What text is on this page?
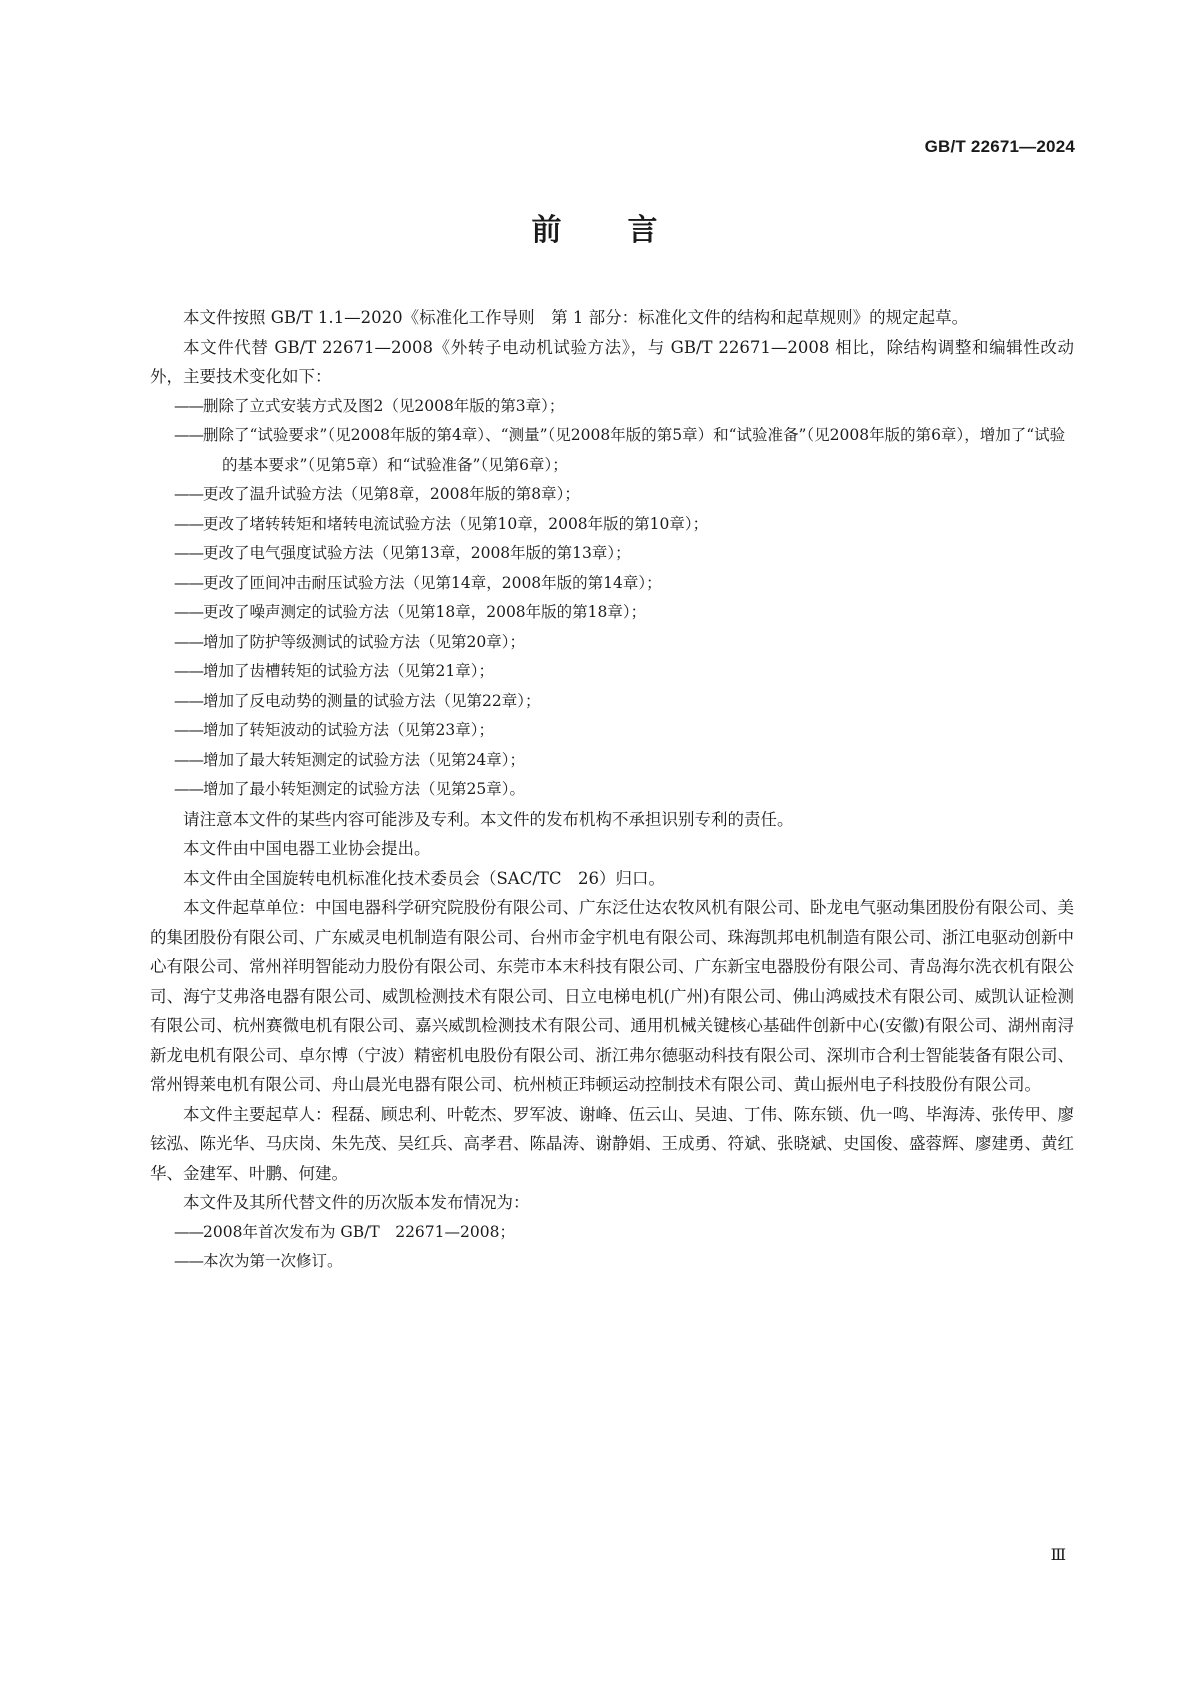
GB/T 22671—2024
前　　言

本文件按照 GB/T 1.1—2020《标准化工作导则　第 1 部分：标准化文件的结构和起草规则》的规定起草。

本文件代替 GB/T 22671—2008《外转子电动机试验方法》，与 GB/T 22671—2008 相比，除结构调整和编辑性改动外，主要技术变化如下：

——删除了立式安装方式及图2（见2008年版的第3章）；

——删除了“试验要求”（见2008年版的第4章）、“测量”（见2008年版的第5章）和“试验准备”（见2008年版的第6章），增加了“试验的基本要求”（见第5章）和“试验准备”（见第6章）；

——更改了温升试验方法（见第8章，2008年版的第8章）；

——更改了堵转转矩和堵转电流试验方法（见第10章，2008年版的第10章）；

——更改了电气强度试验方法（见第13章，2008年版的第13章）；

——更改了匝间冲击耐压试验方法（见第14章，2008年版的第14章）；

——更改了噪声测定的试验方法（见第18章，2008年版的第18章）；

——增加了防护等级测试的试验方法（见第20章）；

——增加了齿槽转矩的试验方法（见第21章）；

——增加了反电动势的测量的试验方法（见第22章）；

——增加了转矩波动的试验方法（见第23章）；

——增加了最大转矩测定的试验方法（见第24章）；

——增加了最小转矩测定的试验方法（见第25章）。

请注意本文件的某些内容可能涉及专利。本文件的发布机构不承担识别专利的责任。

本文件由中国电器工业协会提出。

本文件由全国旋转电机标准化技术委员会（SAC/TC　26）归口。

本文件起草单位：中国电器科学研究院股份有限公司、广东泛仕达农牧风机有限公司、卧龙电气驱动集团股份有限公司、美的集团股份有限公司、广东威灵电机制造有限公司、台州市金宇机电有限公司、珠海凯邦电机制造有限公司、浙江电驱动创新中心有限公司、常州祥明智能动力股份有限公司、东莞市本末科技有限公司、广东新宝电器股份有限公司、青岛海尔洗衣机有限公司、海宁艾弗洛电器有限公司、威凯检测技术有限公司、日立电梯电机(广州)有限公司、佛山鸿威技术有限公司、威凯认证检测有限公司、杭州赛微电机有限公司、嘉兴威凯检测技术有限公司、通用机械关键核心基础件创新中心(安徽)有限公司、湖州南浔新龙电机有限公司、卓尔博（宁波）精密机电股份有限公司、浙江弗尔德驱动科技有限公司、深圳市合利士智能装备有限公司、常州锝莱电机有限公司、舟山晨光电器有限公司、杭州桢正玮顿运动控制技术有限公司、黄山振州电子科技股份有限公司。

本文件主要起草人：程磊、顾忠利、叶乾杰、罗军波、谢峰、伍云山、吴迪、丁伟、陈东锁、仇一鸣、毕海涛、张传甲、廖铉泓、陈光华、马庆岗、朱先茂、吴红兵、高孝君、陈晶涛、谢静娟、王成勇、符斌、张晓斌、史国俊、盛蓉辉、廖建勇、黄红华、金建军、叶鹏、何建。

本文件及其所代替文件的历次版本发布情况为：

——2008年首次发布为 GB/T　22671—2008；

——本次为第一次修订。

Ⅲ
